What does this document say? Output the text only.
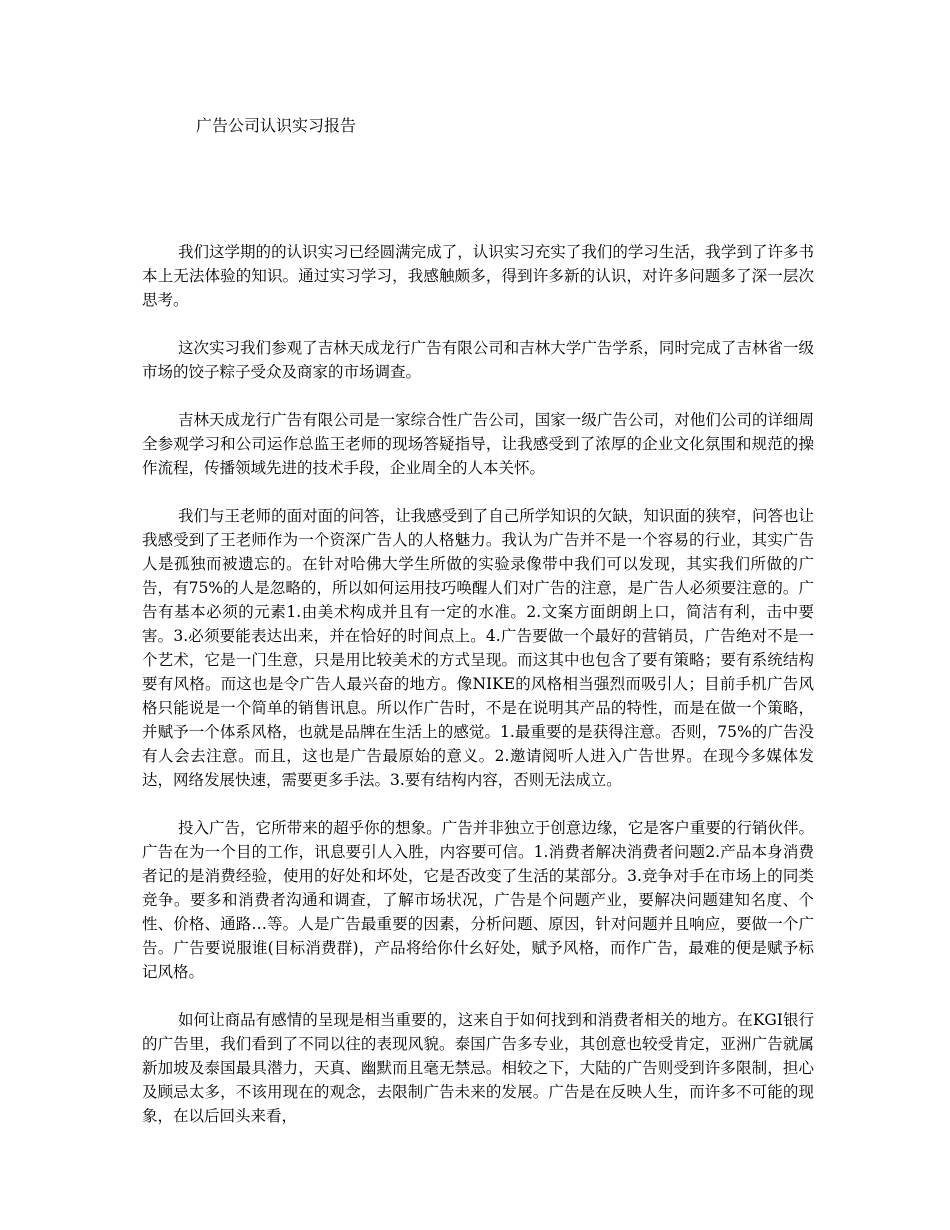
广告公司认识实习报告

我们这学期的的认识实习已经圆满完成了，认识实习充实了我们的学习生活，我学到了许多书本上无法体验的知识。通过实习学习，我感触颇多，得到许多新的认识，对许多问题多了深一层次思考。

这次实习我们参观了吉林天成龙行广告有限公司和吉林大学广告学系，同时完成了吉林省一级市场的饺子粽子受众及商家的市场调查。

吉林天成龙行广告有限公司是一家综合性广告公司，国家一级广告公司，对他们公司的详细周全参观学习和公司运作总监王老师的现场答疑指导，让我感受到了浓厚的企业文化氛围和规范的操作流程，传播领域先进的技术手段，企业周全的人本关怀。

我们与王老师的面对面的问答，让我感受到了自己所学知识的欠缺，知识面的狭窄，问答也让我感受到了王老师作为一个资深广告人的人格魅力。我认为广告并不是一个容易的行业，其实广告人是孤独而被遗忘的。在针对哈佛大学生所做的实验录像带中我们可以发现，其实我们所做的广告，有75%的人是忽略的，所以如何运用技巧唤醒人们对广告的注意，是广告人必须要注意的。广告有基本必须的元素1.由美术构成并且有一定的水准。2.文案方面朗朗上口，简洁有利，击中要害。3.必须要能表达出来，并在恰好的时间点上。4.广告要做一个最好的营销员，广告绝对不是一个艺术，它是一门生意，只是用比较美术的方式呈现。而这其中也包含了要有策略；要有系统结构要有风格。而这也是令广告人最兴奋的地方。像NIKE的风格相当强烈而吸引人；目前手机广告风格只能说是一个简单的销售讯息。所以作广告时，不是在说明其产品的特性，而是在做一个策略，并赋予一个体系风格，也就是品牌在生活上的感觉。1.最重要的是获得注意。否则，75%的广告没有人会去注意。而且，这也是广告最原始的意义。2.邀请阅听人进入广告世界。在现今多媒体发达，网络发展快速，需要更多手法。3.要有结构内容，否则无法成立。

投入广告，它所带来的超乎你的想象。广告并非独立于创意边缘，它是客户重要的行销伙伴。广告在为一个目的工作，讯息要引人入胜，内容要可信。1.消费者解决消费者问题2.产品本身消费者记的是消费经验，使用的好处和坏处，它是否改变了生活的某部分。3.竞争对手在市场上的同类竞争。要多和消费者沟通和调查，了解市场状况，广告是个问题产业，要解决问题建知名度、个性、价格、通路…等。人是广告最重要的因素，分析问题、原因，针对问题并且响应，要做一个广告。广告要说服谁(目标消费群)，产品将给你什幺好处，赋予风格，而作广告，最难的便是赋予标记风格。

如何让商品有感情的呈现是相当重要的，这来自于如何找到和消费者相关的地方。在KGI银行的广告里，我们看到了不同以往的表现风貌。泰国广告多专业，其创意也较受肯定，亚洲广告就属新加坡及泰国最具潜力，天真、幽默而且毫无禁忌。相较之下，大陆的广告则受到许多限制，担心及顾忌太多，不该用现在的观念，去限制广告未来的发展。广告是在反映人生，而许多不可能的现象，在以后回头来看，
